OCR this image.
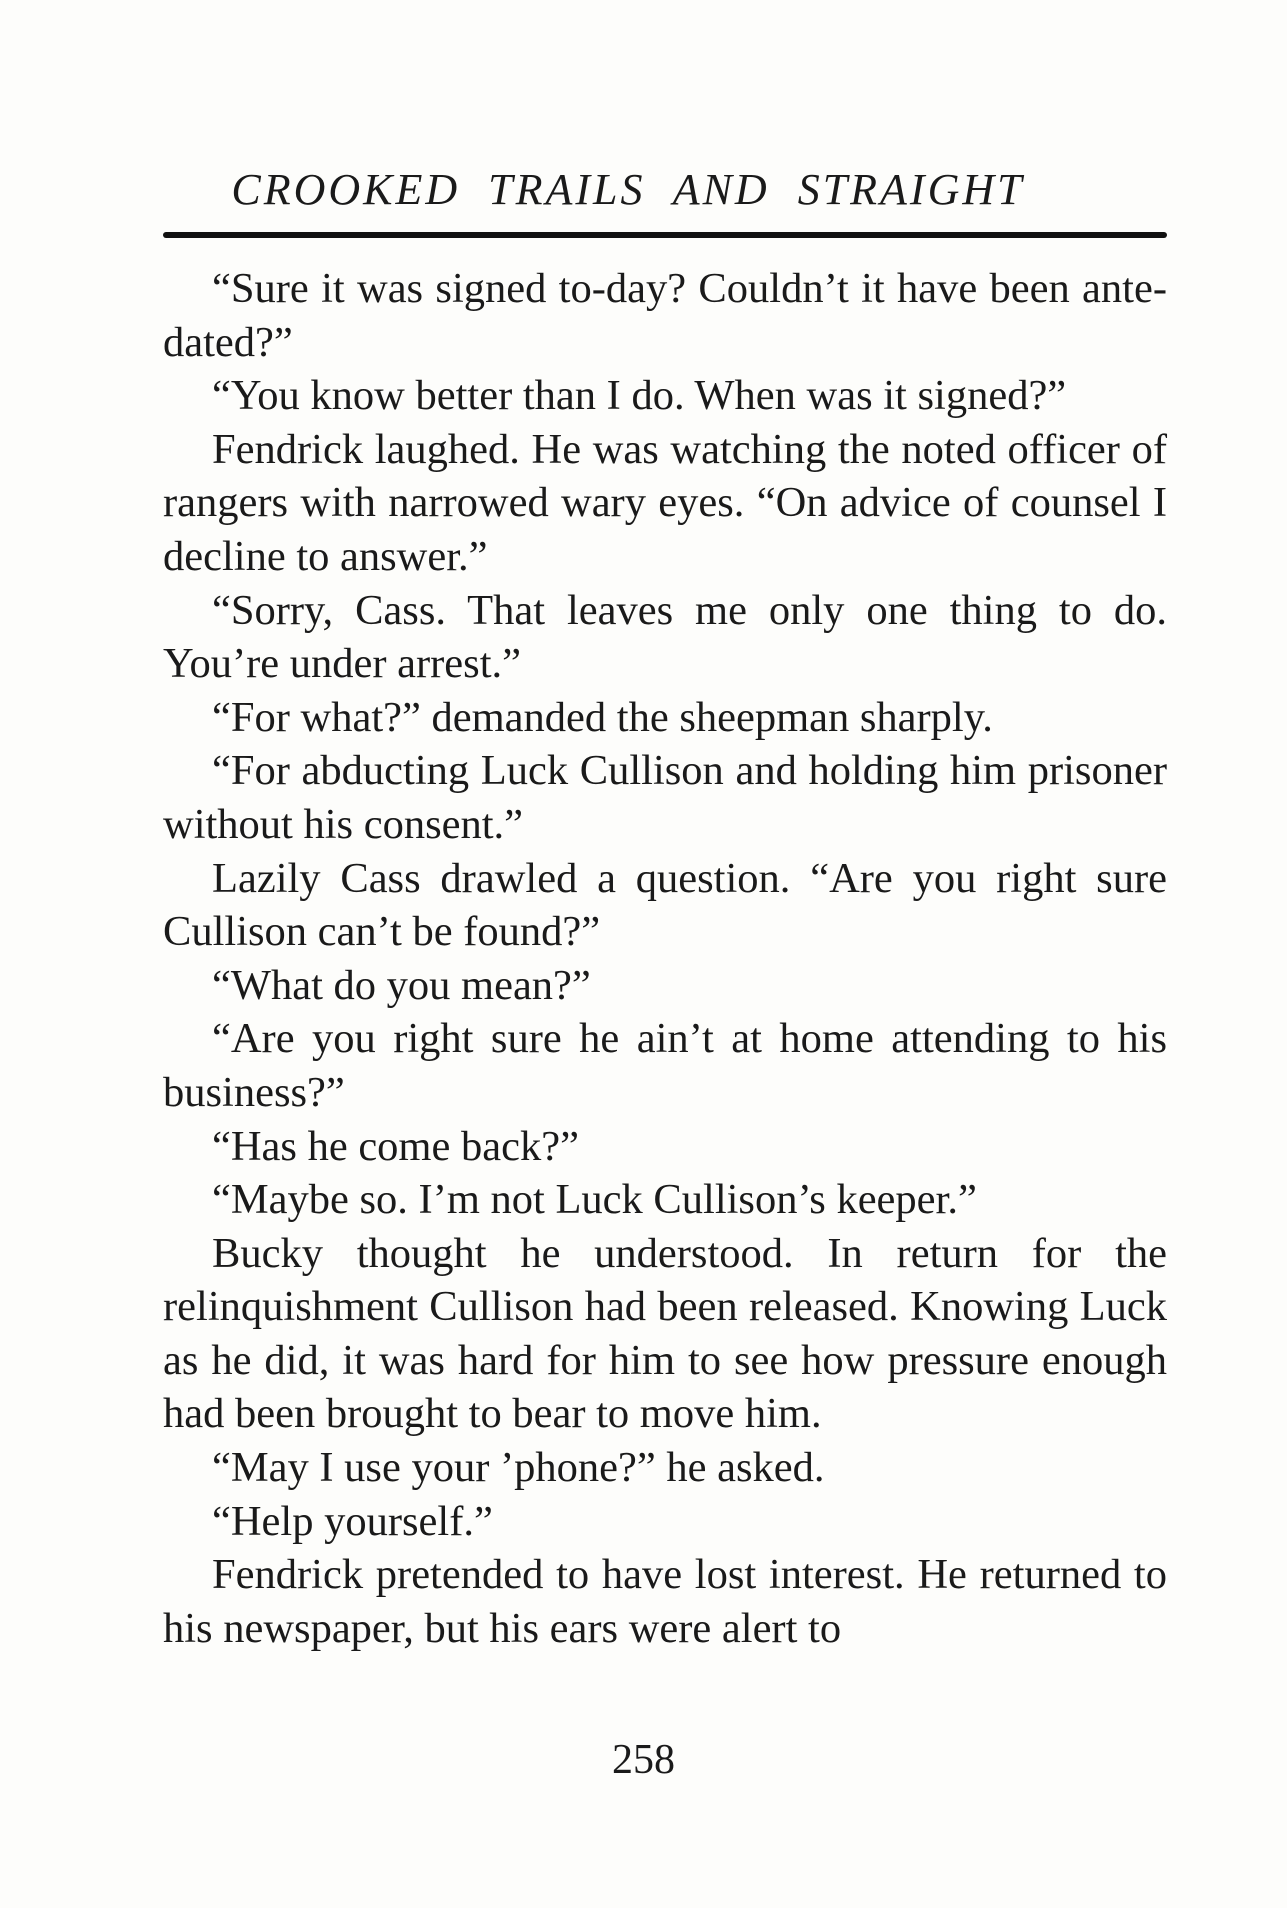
CROOKED TRAILS AND STRAIGHT

“Sure it was signed to-day? Couldn’t it have been ante-dated?”

“You know better than I do. When was it signed?”

Fendrick laughed. He was watching the noted officer of rangers with narrowed wary eyes. “On advice of counsel I decline to answer.”

“Sorry, Cass. That leaves me only one thing to do. You’re under arrest.”

“For what?” demanded the sheepman sharply.

“For abducting Luck Cullison and holding him prisoner without his consent.”

Lazily Cass drawled a question. “Are you right sure Cullison can’t be found?”

“What do you mean?”

“Are you right sure he ain’t at home attending to his business?”

“Has he come back?”

“Maybe so. I’m not Luck Cullison’s keeper.”

Bucky thought he understood. In return for the relinquishment Cullison had been released. Knowing Luck as he did, it was hard for him to see how pressure enough had been brought to bear to move him.

“May I use your ’phone?” he asked.

“Help yourself.”

Fendrick pretended to have lost interest. He returned to his newspaper, but his ears were alert to

258
